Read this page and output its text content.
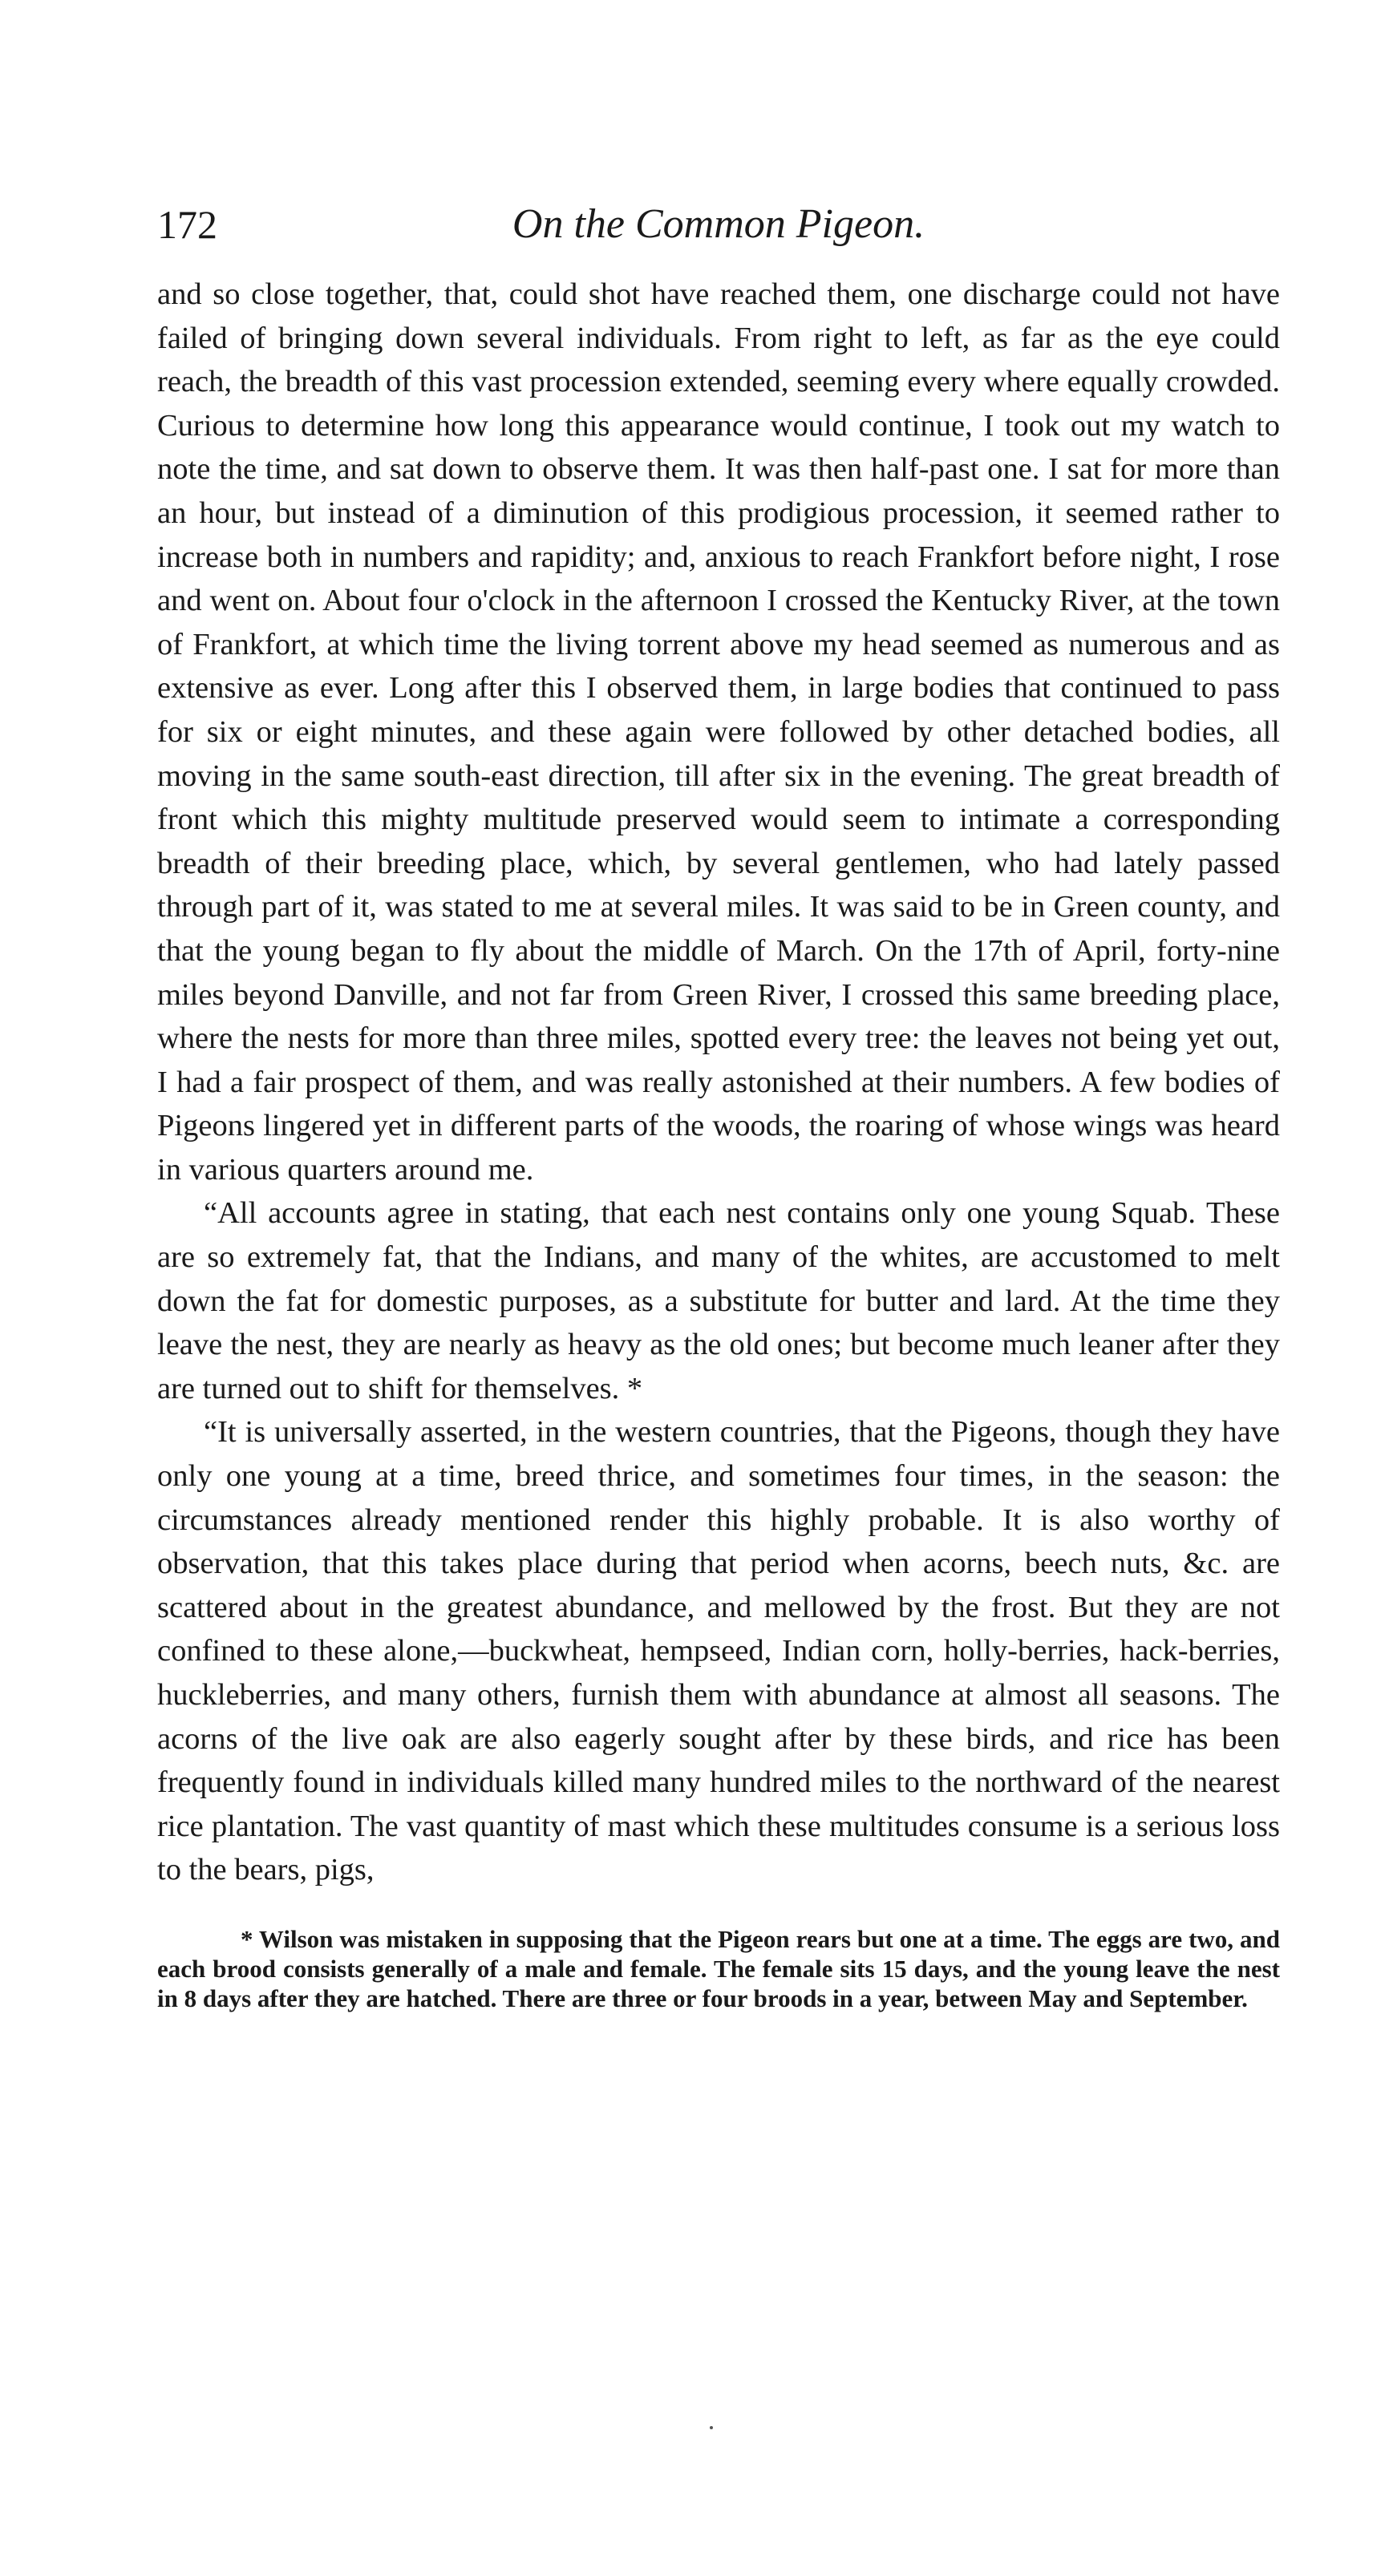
172	On the Common Pigeon.

and so close together, that, could shot have reached them, one discharge could not have failed of bringing down several individuals. From right to left, as far as the eye could reach, the breadth of this vast procession extended, seeming every where equally crowded. Curious to determine how long this appearance would continue, I took out my watch to note the time, and sat down to observe them. It was then half-past one. I sat for more than an hour, but instead of a diminution of this prodigious procession, it seemed rather to increase both in numbers and rapidity; and, anxious to reach Frankfort before night, I rose and went on. About four o'clock in the afternoon I crossed the Kentucky River, at the town of Frankfort, at which time the living torrent above my head seemed as numerous and as extensive as ever. Long after this I observed them, in large bodies that continued to pass for six or eight minutes, and these again were followed by other detached bodies, all moving in the same south-east direction, till after six in the evening. The great breadth of front which this mighty multitude preserved would seem to intimate a corresponding breadth of their breeding place, which, by several gentlemen, who had lately passed through part of it, was stated to me at several miles. It was said to be in Green county, and that the young began to fly about the middle of March. On the 17th of April, forty-nine miles beyond Danville, and not far from Green River, I crossed this same breeding place, where the nests for more than three miles, spotted every tree: the leaves not being yet out, I had a fair prospect of them, and was really astonished at their numbers. A few bodies of Pigeons lingered yet in different parts of the woods, the roaring of whose wings was heard in various quarters around me.

“All accounts agree in stating, that each nest contains only one young Squab. These are so extremely fat, that the Indians, and many of the whites, are accustomed to melt down the fat for domestic purposes, as a substitute for butter and lard. At the time they leave the nest, they are nearly as heavy as the old ones; but become much leaner after they are turned out to shift for themselves. *

“It is universally asserted, in the western countries, that the Pigeons, though they have only one young at a time, breed thrice, and sometimes four times, in the season: the circumstances already mentioned render this highly probable. It is also worthy of observation, that this takes place during that period when acorns, beech nuts, &c. are scattered about in the greatest abundance, and mellowed by the frost. But they are not confined to these alone,—buckwheat, hempseed, Indian corn, holly-berries, hack-berries, huckleberries, and many others, furnish them with abundance at almost all seasons. The acorns of the live oak are also eagerly sought after by these birds, and rice has been frequently found in individuals killed many hundred miles to the northward of the nearest rice plantation. The vast quantity of mast which these multitudes consume is a serious loss to the bears, pigs,

* Wilson was mistaken in supposing that the Pigeon rears but one at a time. The eggs are two, and each brood consists generally of a male and female. The female sits 15 days, and the young leave the nest in 8 days after they are hatched. There are three or four broods in a year, between May and September.
